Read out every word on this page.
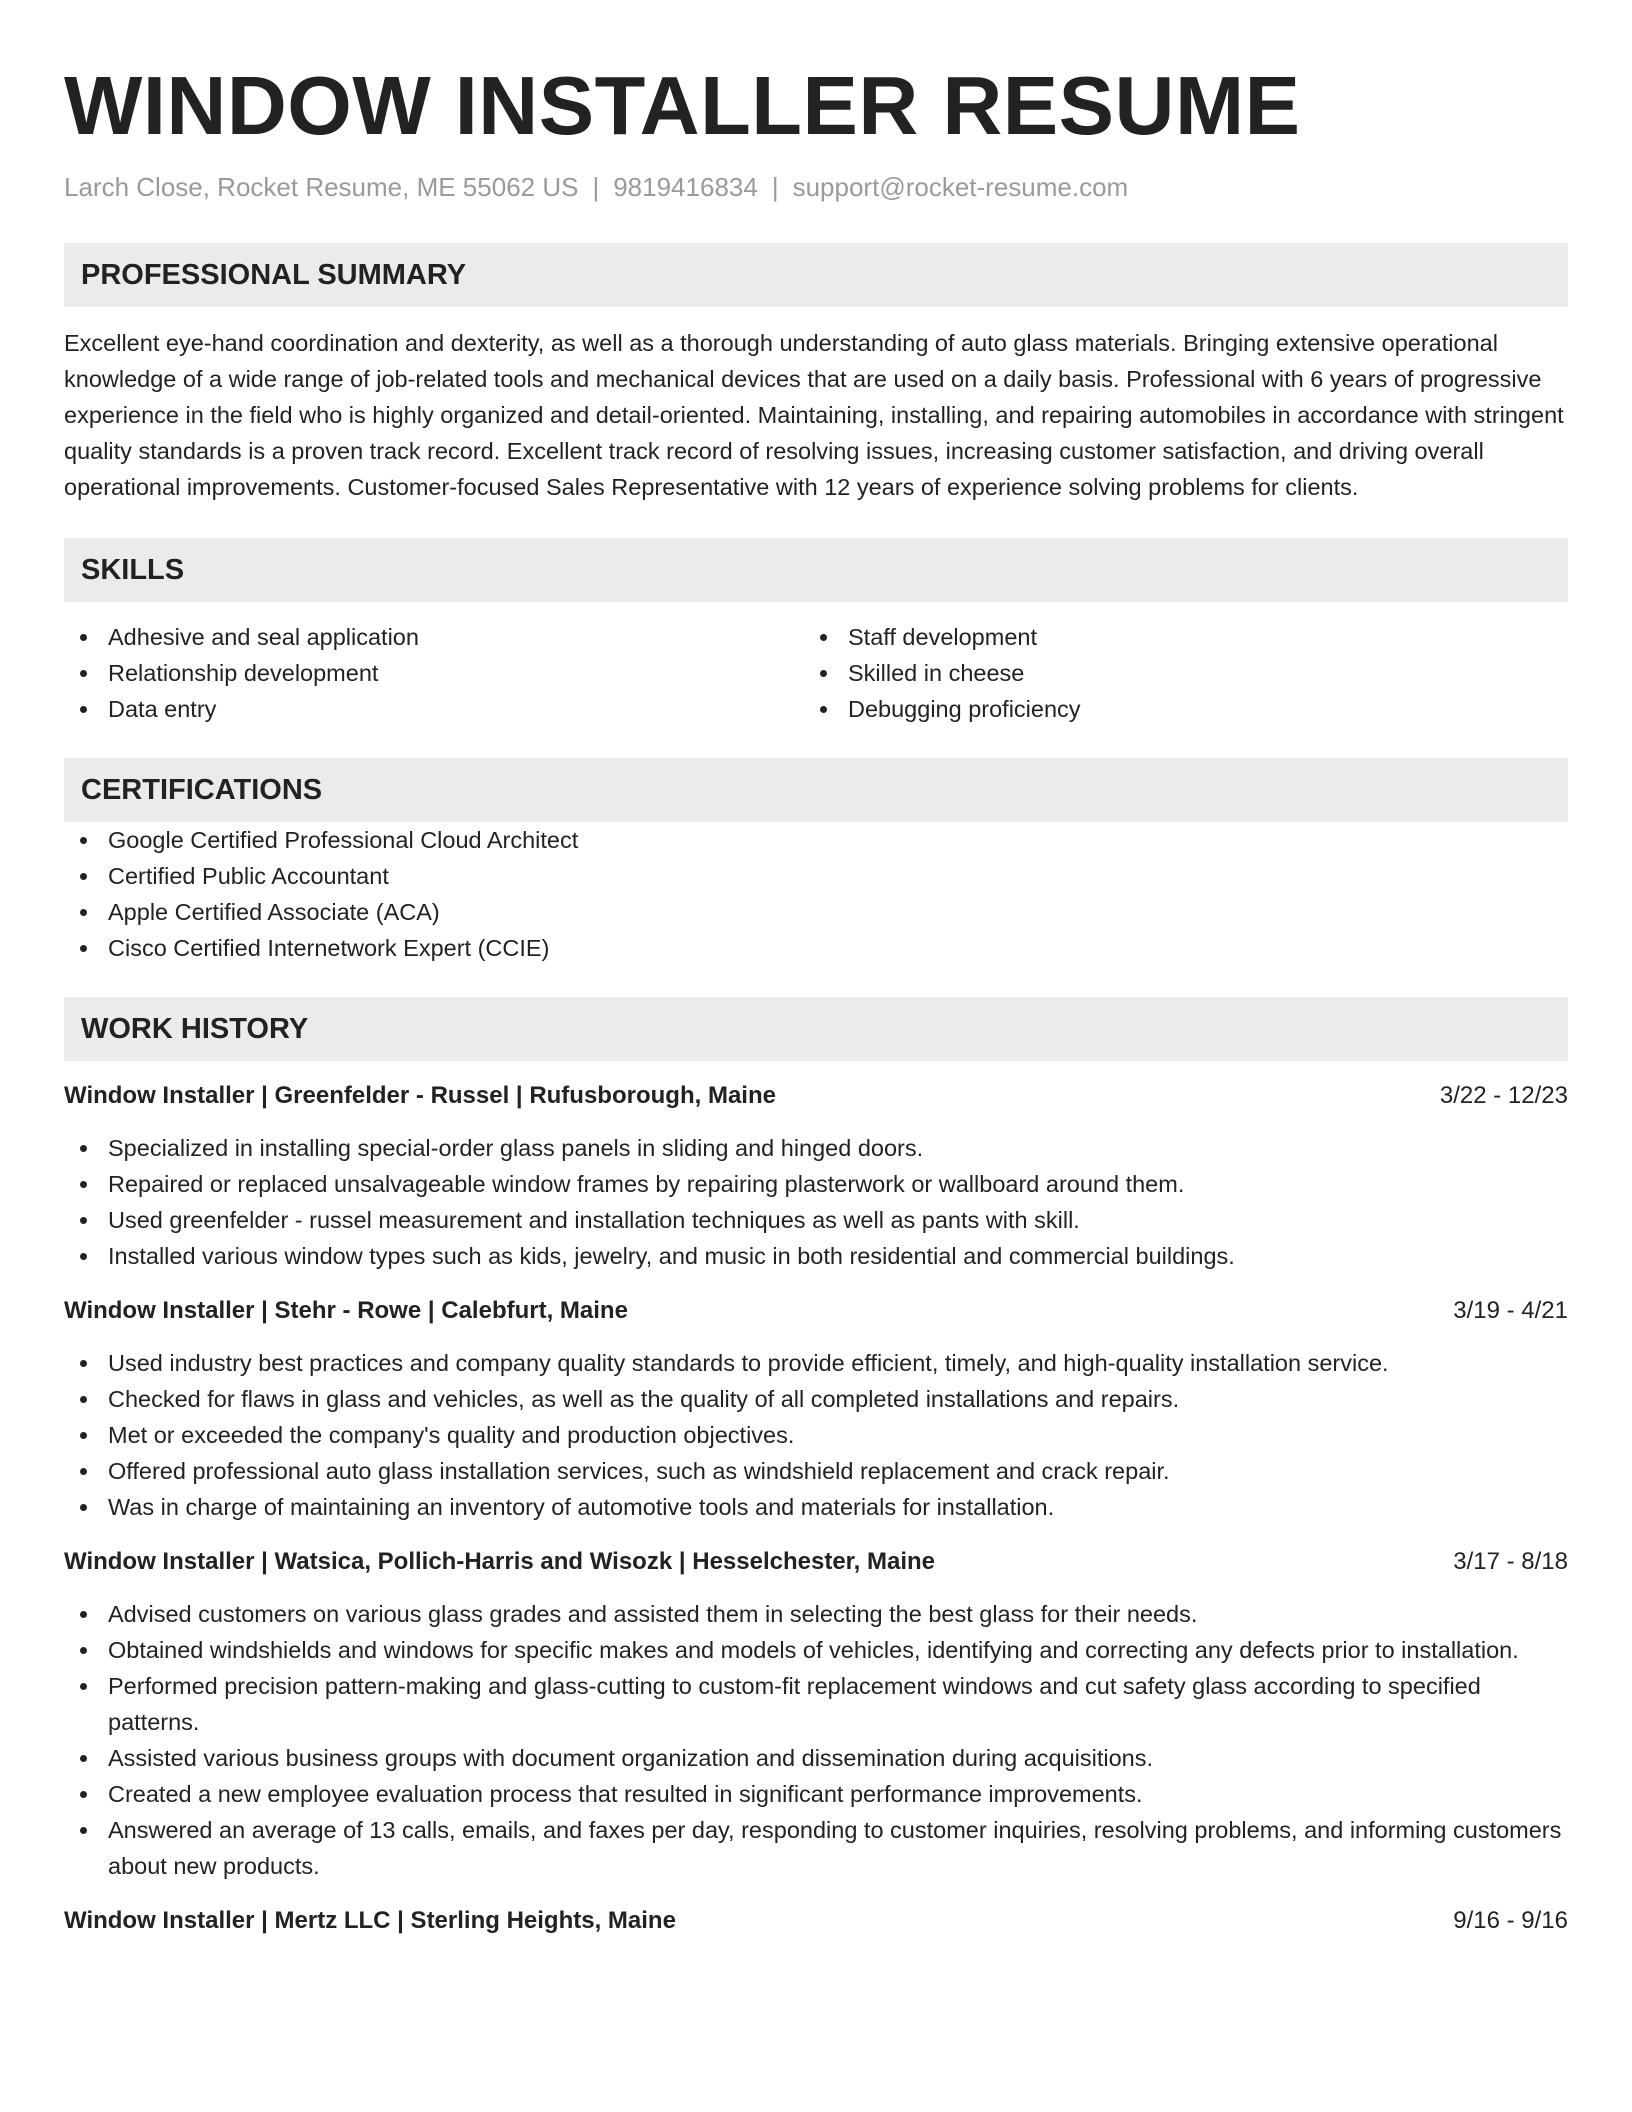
WINDOW INSTALLER RESUME
Larch Close, Rocket Resume, ME 55062 US | 9819416834 | support@rocket-resume.com
PROFESSIONAL SUMMARY

Excellent eye-hand coordination and dexterity, as well as a thorough understanding of auto glass materials. Bringing extensive operational knowledge of a wide range of job-related tools and mechanical devices that are used on a daily basis. Professional with 6 years of progressive experience in the field who is highly organized and detail-oriented. Maintaining, installing, and repairing automobiles in accordance with stringent quality standards is a proven track record. Excellent track record of resolving issues, increasing customer satisfaction, and driving overall operational improvements. Customer-focused Sales Representative with 12 years of experience solving problems for clients.

SKILLS
Adhesive and seal application
Relationship development
Data entry
Staff development
Skilled in cheese
Debugging proficiency
CERTIFICATIONS
Google Certified Professional Cloud Architect
Certified Public Accountant
Apple Certified Associate (ACA)
Cisco Certified Internetwork Expert (CCIE)
WORK HISTORY
Window Installer | Greenfelder - Russel | Rufusborough, Maine	3/22 - 12/23
Specialized in installing special-order glass panels in sliding and hinged doors.
Repaired or replaced unsalvageable window frames by repairing plasterwork or wallboard around them.
Used greenfelder - russel measurement and installation techniques as well as pants with skill.
Installed various window types such as kids, jewelry, and music in both residential and commercial buildings.
Window Installer | Stehr - Rowe | Calebfurt, Maine	3/19 - 4/21
Used industry best practices and company quality standards to provide efficient, timely, and high-quality installation service.
Checked for flaws in glass and vehicles, as well as the quality of all completed installations and repairs.
Met or exceeded the company's quality and production objectives.
Offered professional auto glass installation services, such as windshield replacement and crack repair.
Was in charge of maintaining an inventory of automotive tools and materials for installation.
Window Installer | Watsica, Pollich-Harris and Wisozk | Hesselchester, Maine	3/17 - 8/18
Advised customers on various glass grades and assisted them in selecting the best glass for their needs.
Obtained windshields and windows for specific makes and models of vehicles, identifying and correcting any defects prior to installation.
Performed precision pattern-making and glass-cutting to custom-fit replacement windows and cut safety glass according to specified patterns.
Assisted various business groups with document organization and dissemination during acquisitions.
Created a new employee evaluation process that resulted in significant performance improvements.
Answered an average of 13 calls, emails, and faxes per day, responding to customer inquiries, resolving problems, and informing customers about new products.
Window Installer | Mertz LLC | Sterling Heights, Maine	9/16 - 9/16
